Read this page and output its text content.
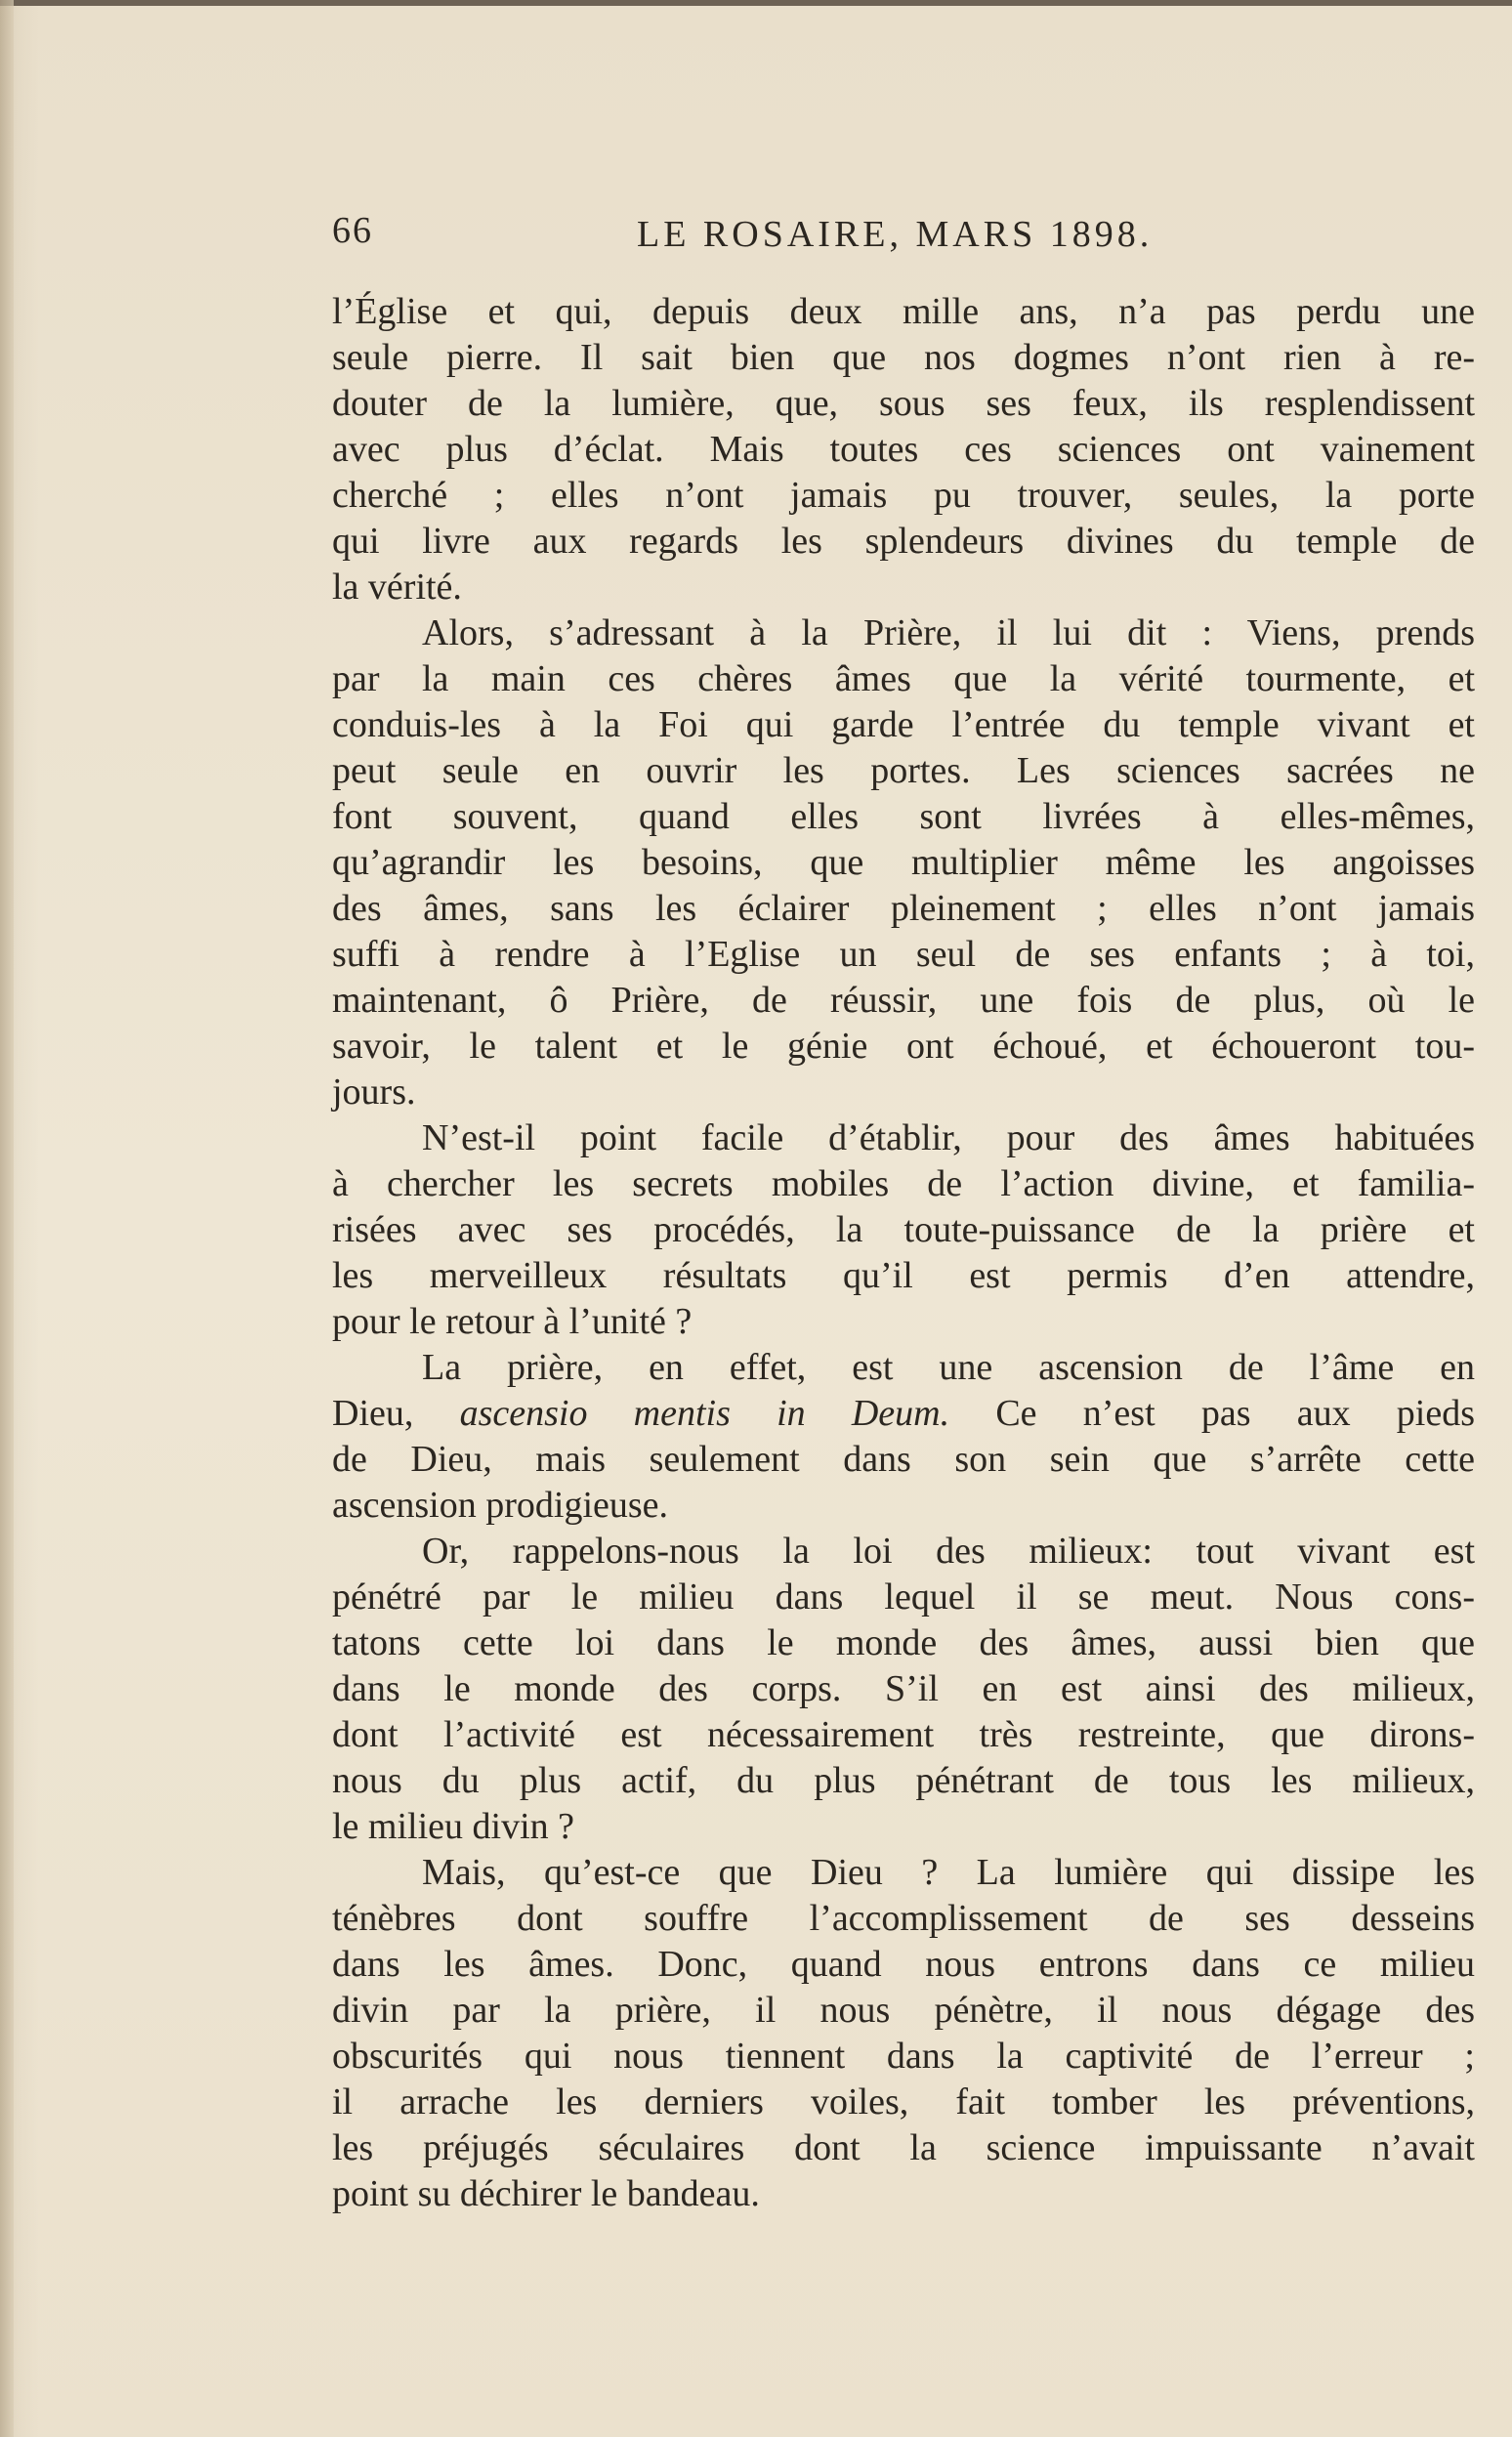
66	LE ROSAIRE, MARS 1898.
l’Église et qui, depuis deux mille ans, n’a pas perdu une
seule pierre. Il sait bien que nos dogmes n’ont rien à re-
douter de la lumière, que, sous ses feux, ils resplendissent
avec plus d’éclat. Mais toutes ces sciences ont vainement
cherché ; elles n’ont jamais pu trouver, seules, la porte
qui livre aux regards les splendeurs divines du temple de
la vérité.
Alors, s’adressant à la Prière, il lui dit : Viens, prends
par la main ces chères âmes que la vérité tourmente, et
conduis-les à la Foi qui garde l’entrée du temple vivant et
peut seule en ouvrir les portes. Les sciences sacrées ne
font souvent, quand elles sont livrées à elles-mêmes,
qu’agrandir les besoins, que multiplier même les angoisses
des âmes, sans les éclairer pleinement ; elles n’ont jamais
suffi à rendre à l’Eglise un seul de ses enfants ; à toi,
maintenant, ô Prière, de réussir, une fois de plus, où le
savoir, le talent et le génie ont échoué, et échoueront tou-
jours.
N’est-il point facile d’établir, pour des âmes habituées
à chercher les secrets mobiles de l’action divine, et familia-
risées avec ses procédés, la toute-puissance de la prière et
les merveilleux résultats qu’il est permis d’en attendre,
pour le retour à l’unité ?
La prière, en effet, est une ascension de l’âme en
Dieu, ascensio mentis in Deum. Ce n’est pas aux pieds
de Dieu, mais seulement dans son sein que s’arrête cette
ascension prodigieuse.
Or, rappelons-nous la loi des milieux: tout vivant est
pénétré par le milieu dans lequel il se meut. Nous cons-
tatons cette loi dans le monde des âmes, aussi bien que
dans le monde des corps. S’il en est ainsi des milieux,
dont l’activité est nécessairement très restreinte, que dirons-
nous du plus actif, du plus pénétrant de tous les milieux,
le milieu divin ?
Mais, qu’est-ce que Dieu ? La lumière qui dissipe les
ténèbres dont souffre l’accomplissement de ses desseins
dans les âmes. Donc, quand nous entrons dans ce milieu
divin par la prière, il nous pénètre, il nous dégage des
obscurités qui nous tiennent dans la captivité de l’erreur ;
il arrache les derniers voiles, fait tomber les préventions,
les préjugés séculaires dont la science impuissante n’avait
point su déchirer le bandeau.
